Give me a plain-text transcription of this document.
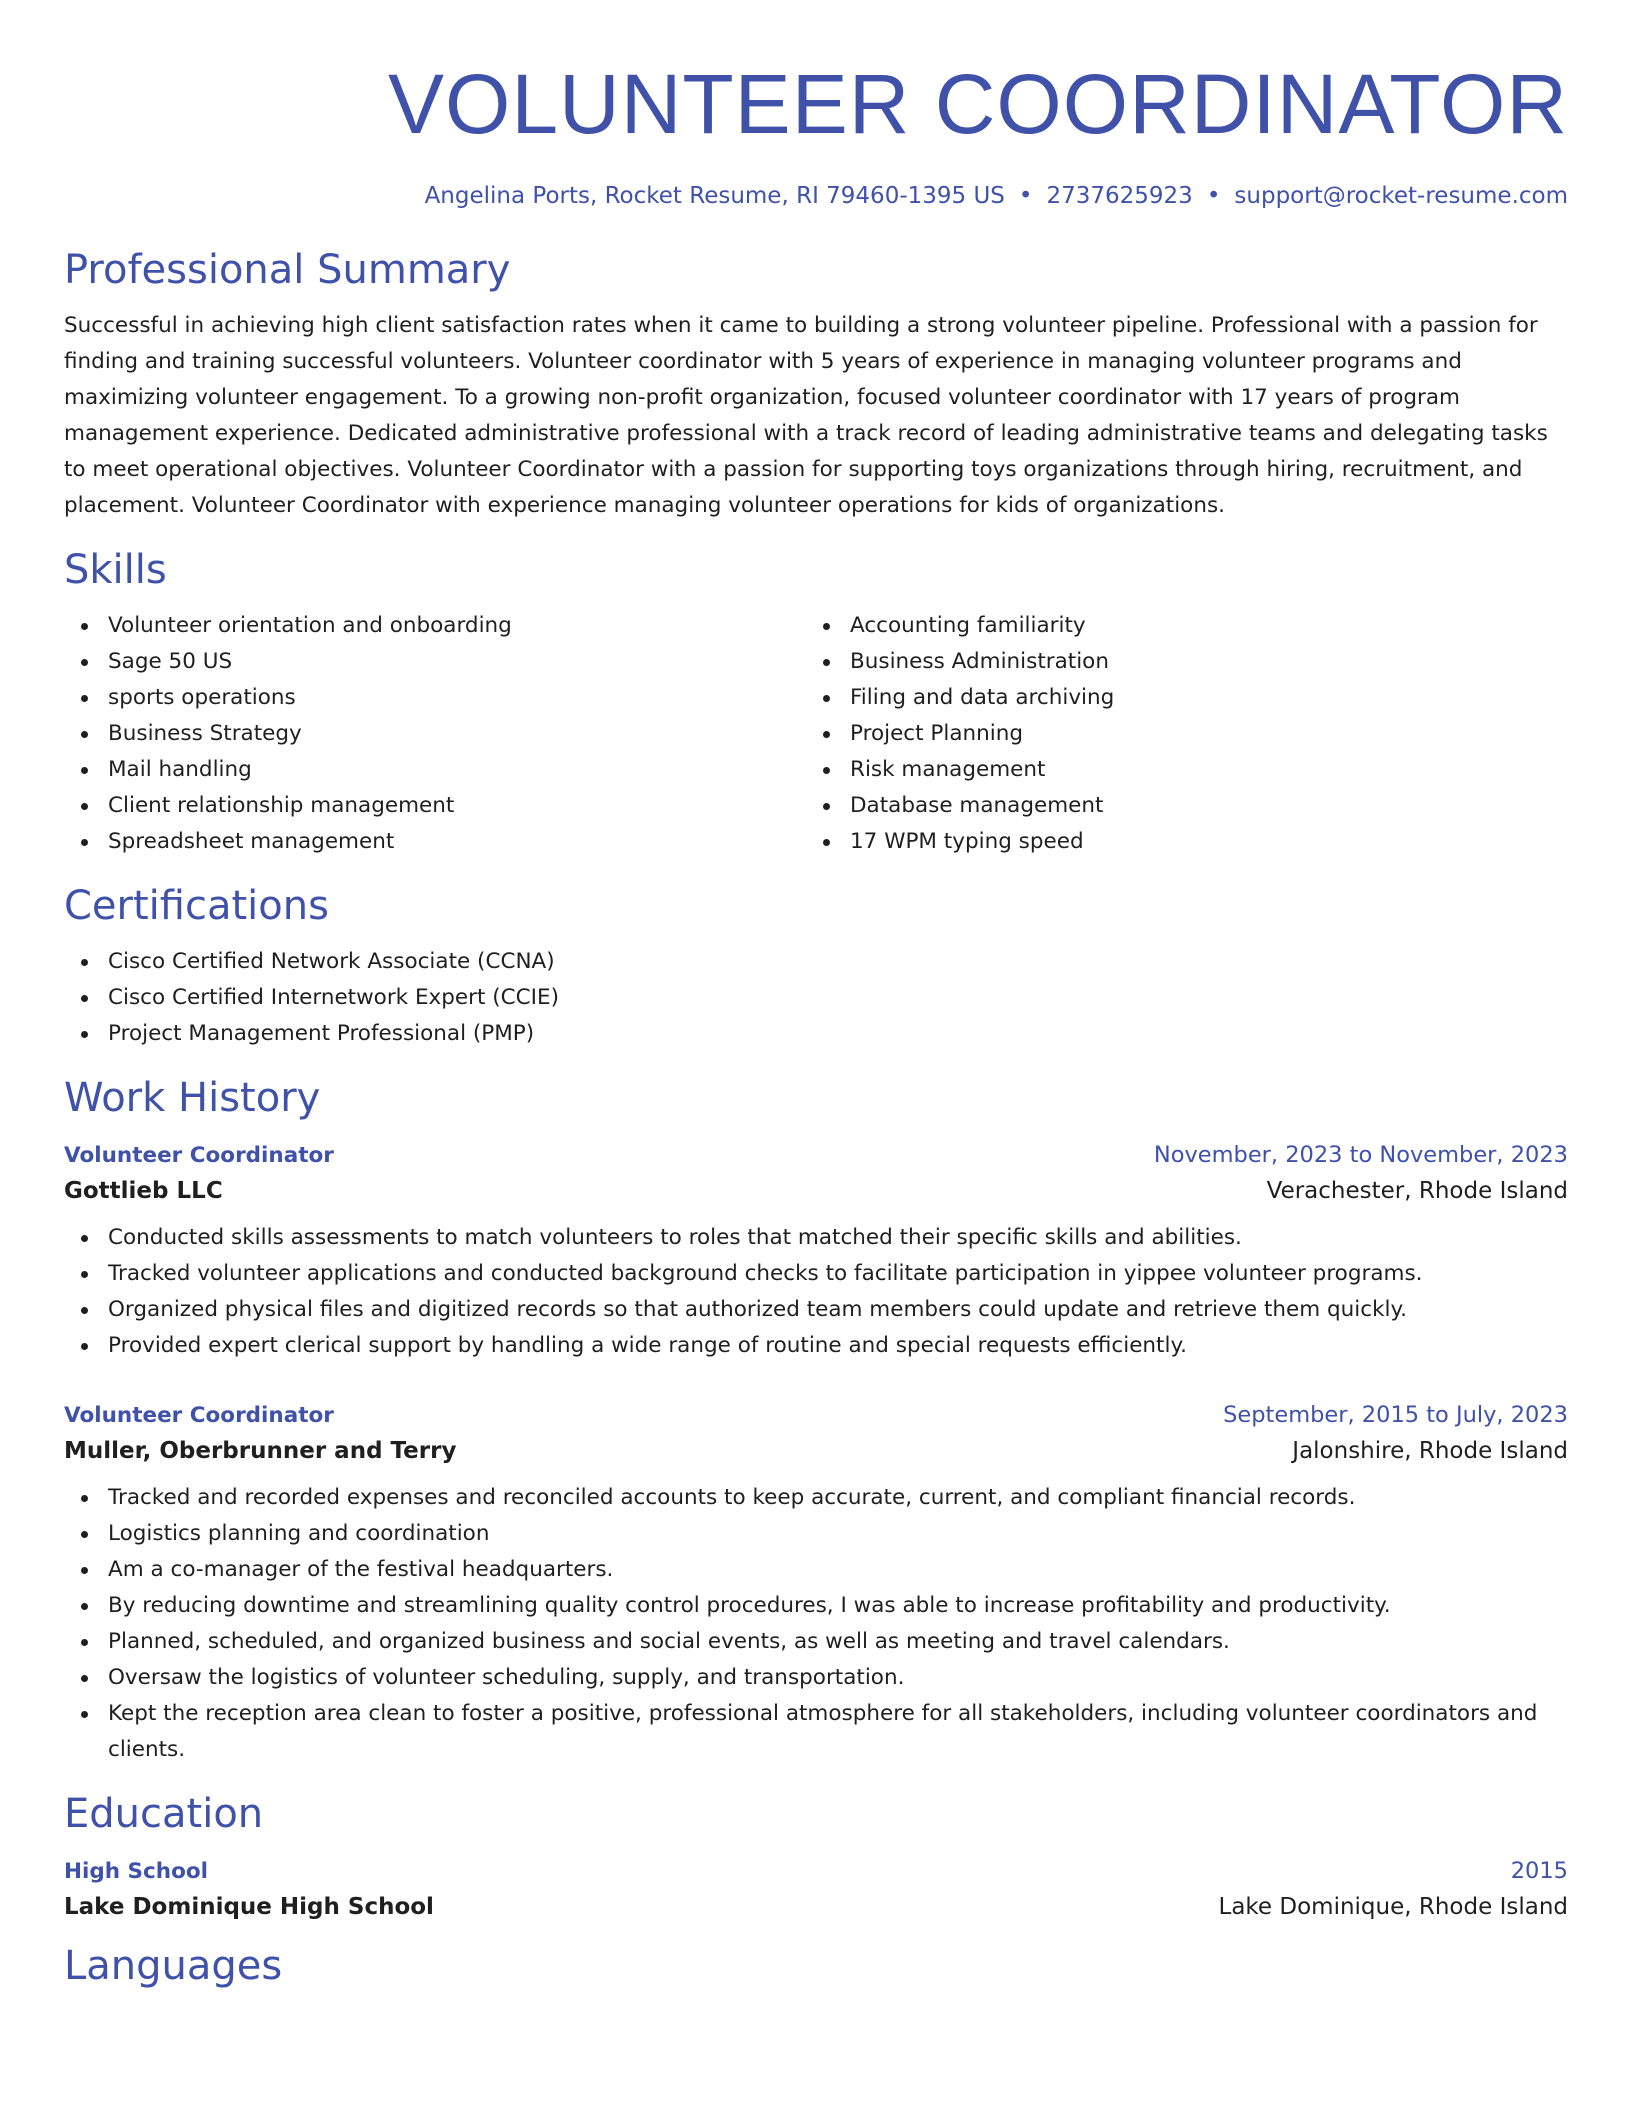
VOLUNTEER COORDINATOR
Angelina Ports, Rocket Resume, RI 79460-1395 US • 2737625923 • support@rocket-resume.com
Professional Summary

Successful in achieving high client satisfaction rates when it came to building a strong volunteer pipeline. Professional with a passion for finding and training successful volunteers. Volunteer coordinator with 5 years of experience in managing volunteer programs and maximizing volunteer engagement. To a growing non-profit organization, focused volunteer coordinator with 17 years of program management experience. Dedicated administrative professional with a track record of leading administrative teams and delegating tasks to meet operational objectives. Volunteer Coordinator with a passion for supporting toys organizations through hiring, recruitment, and placement. Volunteer Coordinator with experience managing volunteer operations for kids of organizations.

Skills
Volunteer orientation and onboarding
Sage 50 US
sports operations
Business Strategy
Mail handling
Client relationship management
Spreadsheet management
Accounting familiarity
Business Administration
Filing and data archiving
Project Planning
Risk management
Database management
17 WPM typing speed
Certifications
Cisco Certified Network Associate (CCNA)
Cisco Certified Internetwork Expert (CCIE)
Project Management Professional (PMP)
Work History
Volunteer Coordinator	November, 2023 to November, 2023
Gottlieb LLC	Verachester, Rhode Island
Conducted skills assessments to match volunteers to roles that matched their specific skills and abilities.
Tracked volunteer applications and conducted background checks to facilitate participation in yippee volunteer programs.
Organized physical files and digitized records so that authorized team members could update and retrieve them quickly.
Provided expert clerical support by handling a wide range of routine and special requests efficiently.
Volunteer Coordinator	September, 2015 to July, 2023
Muller, Oberbrunner and Terry	Jalonshire, Rhode Island
Tracked and recorded expenses and reconciled accounts to keep accurate, current, and compliant financial records.
Logistics planning and coordination
Am a co-manager of the festival headquarters.
By reducing downtime and streamlining quality control procedures, I was able to increase profitability and productivity.
Planned, scheduled, and organized business and social events, as well as meeting and travel calendars.
Oversaw the logistics of volunteer scheduling, supply, and transportation.
Kept the reception area clean to foster a positive, professional atmosphere for all stakeholders, including volunteer coordinators and clients.
Education
High School	2015
Lake Dominique High School	Lake Dominique, Rhode Island
Languages
